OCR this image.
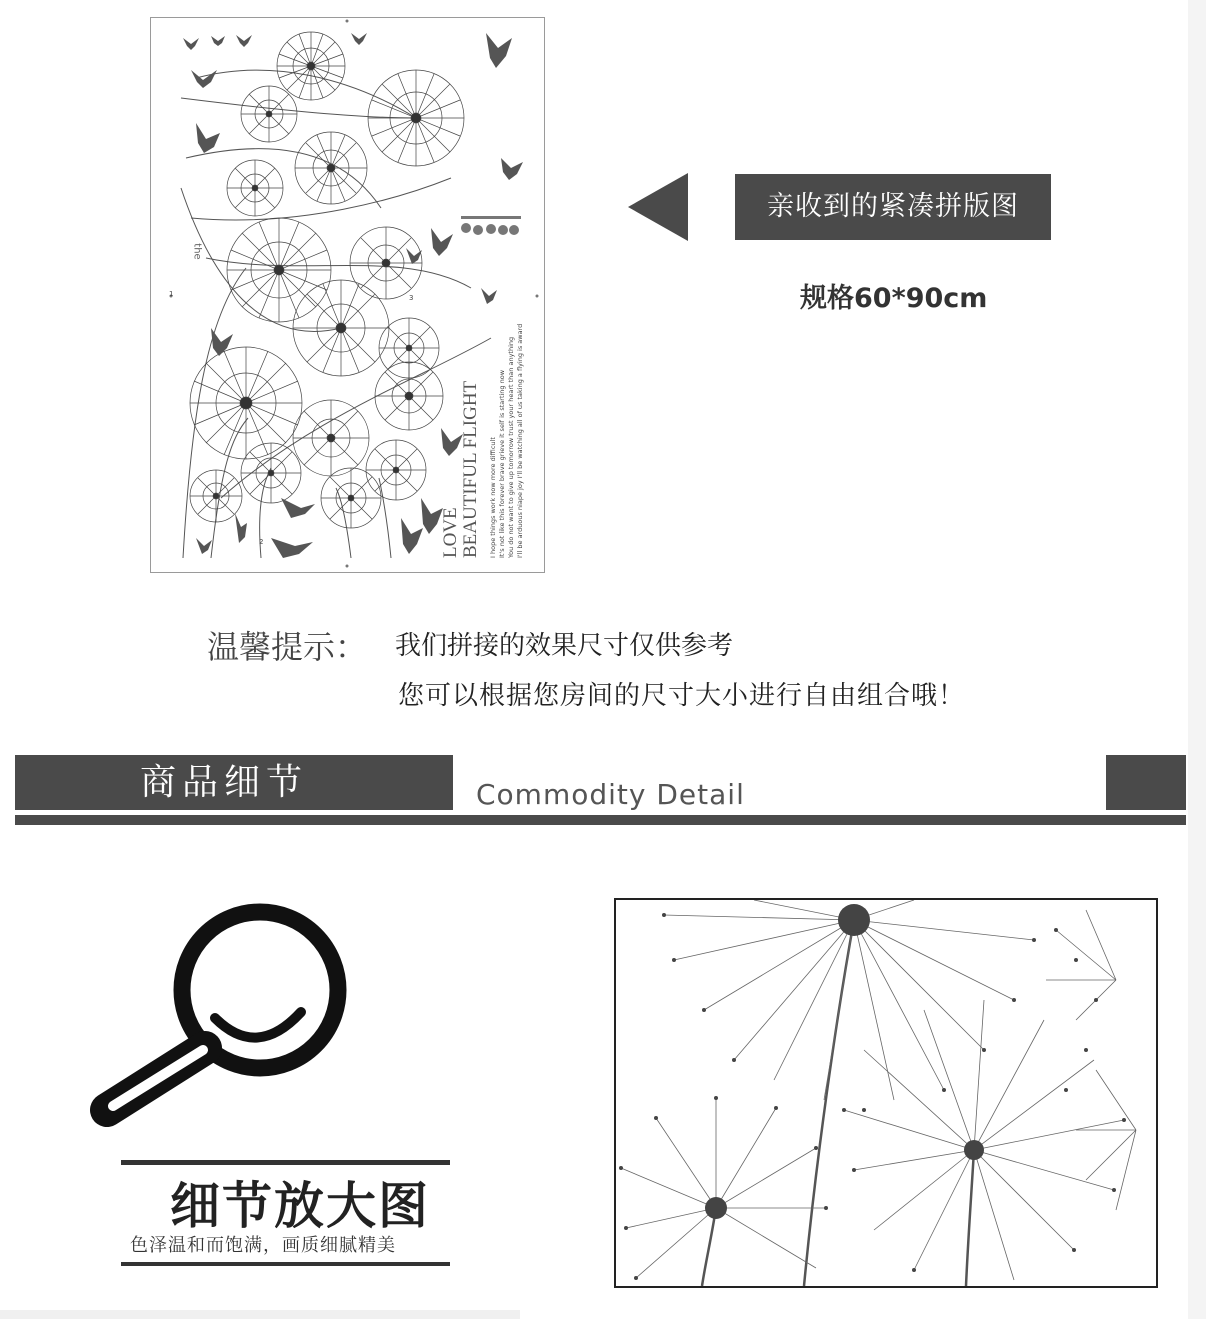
the
3
2
1
LOVE BEAUTIFUL FLIGHT I hope things work now more difficult It's not like this forever brave grieve it self is starting now You do not want to give up tomorrow trust your heart than anything I'll be arduous niape joy I'll be watching all of us taking a flying is award
亲收到的紧凑拼版图
规格60*90cm
温馨提示： 我们拼接的效果尺寸仅供参考
您可以根据您房间的尺寸大小进行自由组合哦！
商品细节	Commodity Detail
细节放大图
色泽温和而饱满，画质细腻精美
